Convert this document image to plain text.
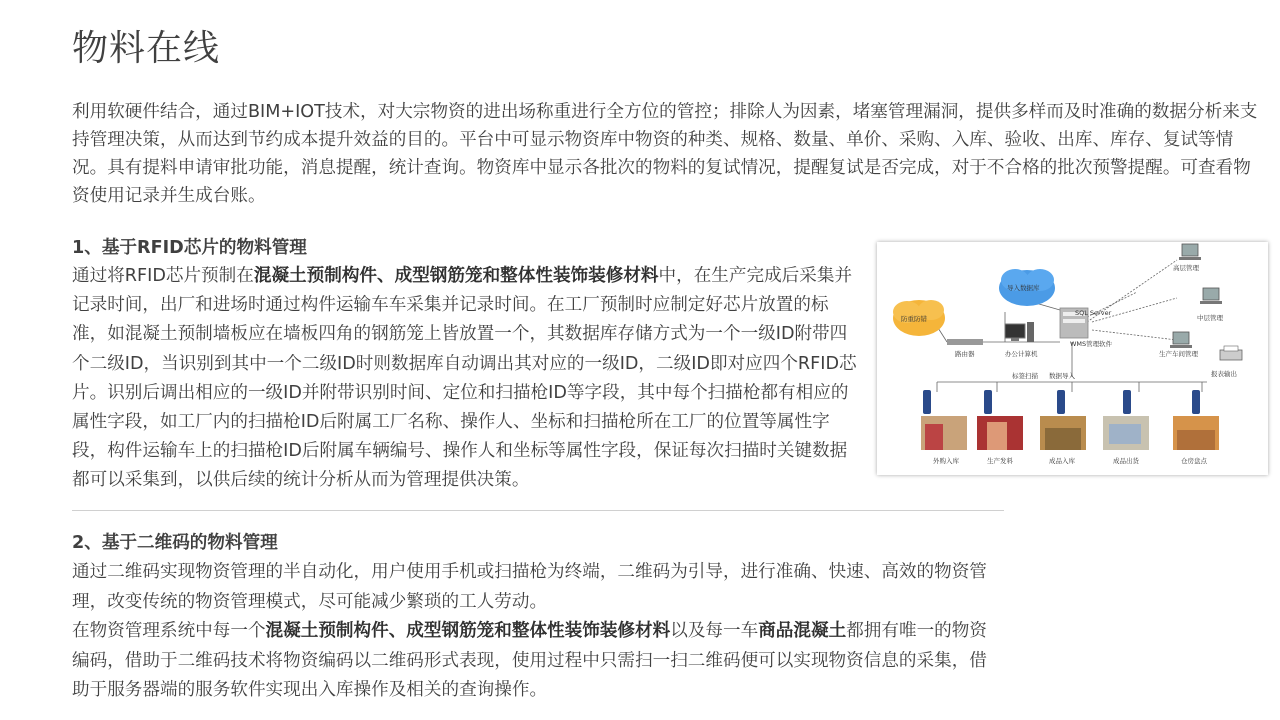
物料在线

利用软硬件结合，通过BIM+IOT技术，对大宗物资的进出场称重进行全方位的管控；排除人为因素，堵塞管理漏洞，提供多样而及时准确的数据分析来支持管理决策，从而达到节约成本提升效益的目的。平台中可显示物资库中物资的种类、规格、数量、单价、采购、入库、验收、出库、库存、复试等情况。具有提料申请审批功能，消息提醒，统计查询。物资库中显示各批次的物料的复试情况，提醒复试是否完成，对于不合格的批次预警提醒。可查看物资使用记录并生成台账。

1、基于RFID芯片的物料管理

通过将RFID芯片预制在混凝土预制构件、成型钢筋笼和整体性装饰装修材料中，在生产完成后采集并记录时间，出厂和进场时通过构件运输车车采集并记录时间。在工厂预制时应制定好芯片放置的标准，如混凝土预制墙板应在墙板四角的钢筋笼上皆放置一个，其数据库存储方式为一个一级ID附带四个二级ID，当识别到其中一个二级ID时则数据库自动调出其对应的一级ID，二级ID即对应四个RFID芯片。识别后调出相应的一级ID并附带识别时间、定位和扫描枪ID等字段，其中每个扫描枪都有相应的属性字段，如工厂内的扫描枪ID后附属工厂名称、操作人、坐标和扫描枪所在工厂的位置等属性字段，构件运输车上的扫描枪ID后附属车辆编号、操作人和坐标等属性字段，保证每次扫描时关键数据都可以采集到，以供后续的统计分析从而为管理提供决策。

防重防错
导入数据库
路由器	办公计算机
SQL Server
WMS管理软件
高层管理
中层管理
生产车间管理
报表输出
标签扫描 数据导入
外购入库	生产发料	成品入库	成品出货	仓房盘点

2、基于二维码的物料管理

通过二维码实现物资管理的半自动化，用户使用手机或扫描枪为终端，二维码为引导，进行准确、快速、高效的物资管理，改变传统的物资管理模式，尽可能减少繁琐的工人劳动。
在物资管理系统中每一个混凝土预制构件、成型钢筋笼和整体性装饰装修材料以及每一车商品混凝土都拥有唯一的物资编码，借助于二维码技术将物资编码以二维码形式表现，使用过程中只需扫一扫二维码便可以实现物资信息的采集，借助于服务器端的服务软件实现出入库操作及相关的查询操作。
